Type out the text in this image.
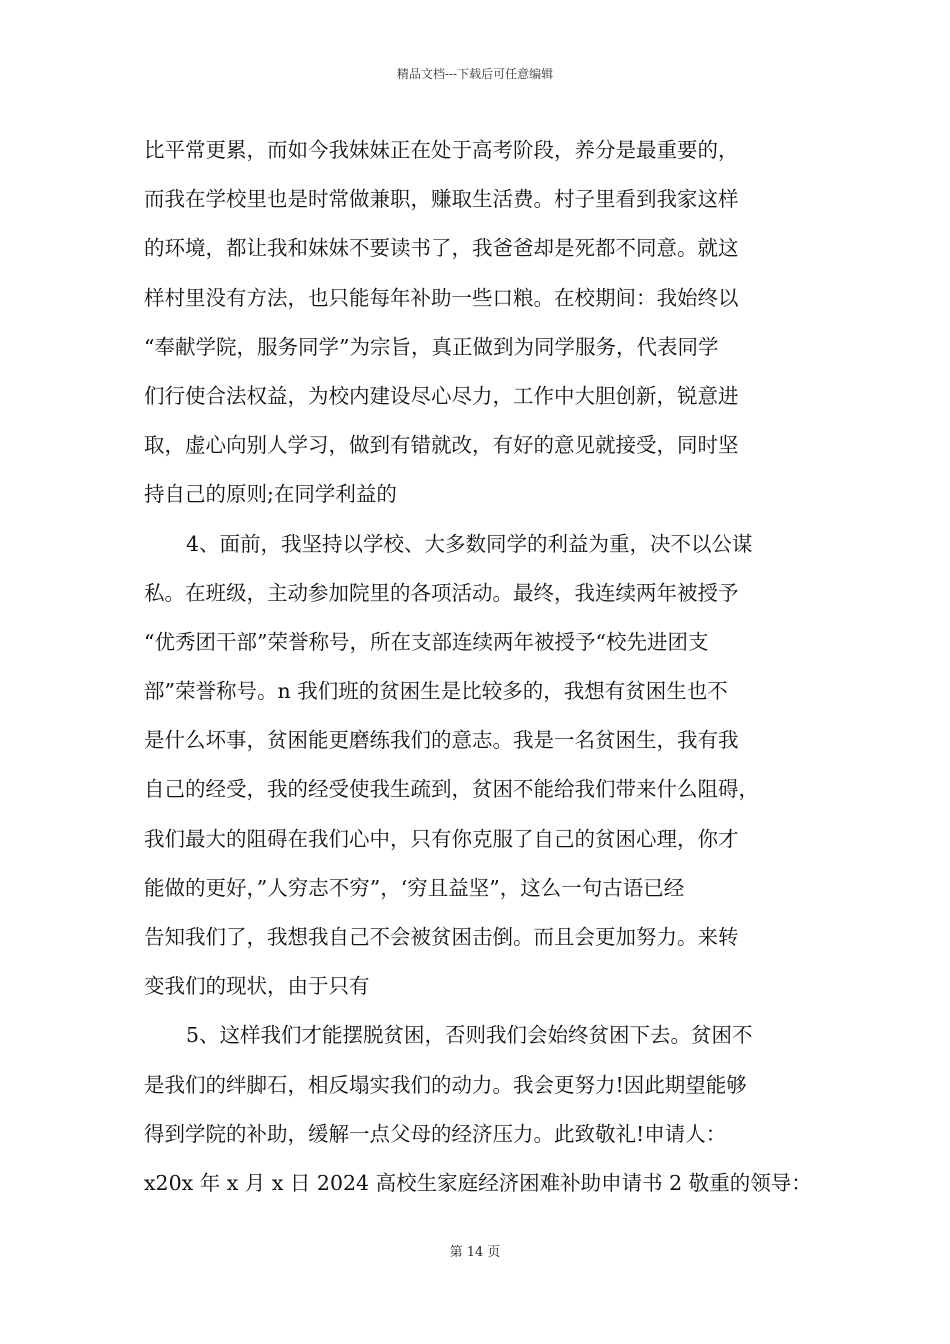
精品文档---下载后可任意编辑
比平常更累，而如今我妹妹正在处于高考阶段，养分是最重要的，
而我在学校里也是时常做兼职，赚取生活费。村子里看到我家这样
的环境，都让我和妹妹不要读书了，我爸爸却是死都不同意。就这
样村里没有方法，也只能每年补助一些口粮。在校期间：我始终以
“奉献学院，服务同学”为宗旨，真正做到为同学服务，代表同学
们行使合法权益，为校内建设尽心尽力，工作中大胆创新，锐意进
取，虚心向别人学习，做到有错就改，有好的意见就接受，同时坚
持自己的原则;在同学利益的
4、面前，我坚持以学校、大多数同学的利益为重，决不以公谋
私。在班级，主动参加院里的各项活动。最终，我连续两年被授予
“优秀团干部”荣誉称号，所在支部连续两年被授予“校先进团支
部”荣誉称号。n 我们班的贫困生是比较多的，我想有贫困生也不
是什么坏事，贫困能更磨练我们的意志。我是一名贫困生，我有我
自己的经受，我的经受使我生疏到，贫困不能给我们带来什么阻碍，
我们最大的阻碍在我们心中，只有你克服了自己的贫困心理，你才
能做的更好，”人穷志不穷”，‘穷且益坚”，这么一句古语已经
告知我们了，我想我自己不会被贫困击倒。而且会更加努力。来转
变我们的现状，由于只有
5、这样我们才能摆脱贫困，否则我们会始终贫困下去。贫困不
是我们的绊脚石，相反塌实我们的动力。我会更努力!因此期望能够
得到学院的补助，缓解一点父母的经济压力。此致敬礼!申请人：
x20x 年 x 月 x 日 2024 高校生家庭经济困难补助申请书 2 敬重的领导：
第 14 页
